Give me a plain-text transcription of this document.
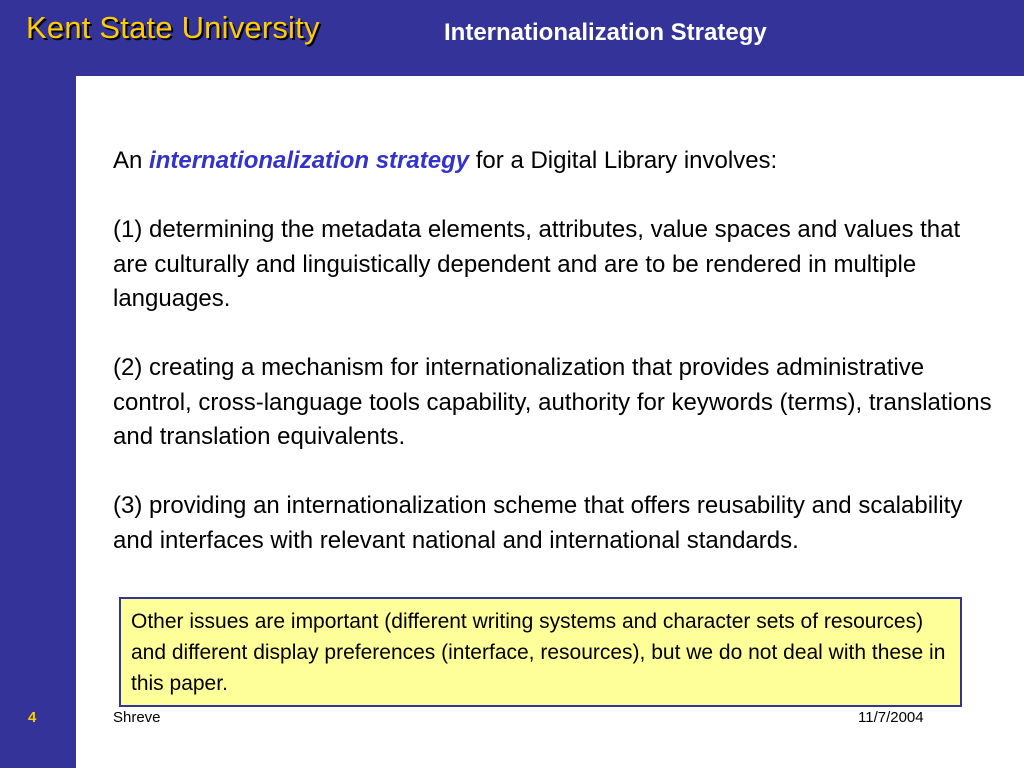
Kent State University	Internationalization Strategy

An internationalization strategy for a Digital Library involves:

(1) determining the metadata elements, attributes, value spaces and values that are culturally and linguistically dependent and are to be rendered in multiple languages.

(2) creating a mechanism for internationalization that provides administrative control, cross-language tools capability, authority for keywords (terms), translations and translation equivalents.

(3) providing an internationalization scheme that offers reusability and scalability and interfaces with relevant national and international standards.

Other issues are important (different writing systems and character sets of resources) and different display preferences (interface, resources), but we do not deal with these in this paper.
4	Shreve	11/7/2004
